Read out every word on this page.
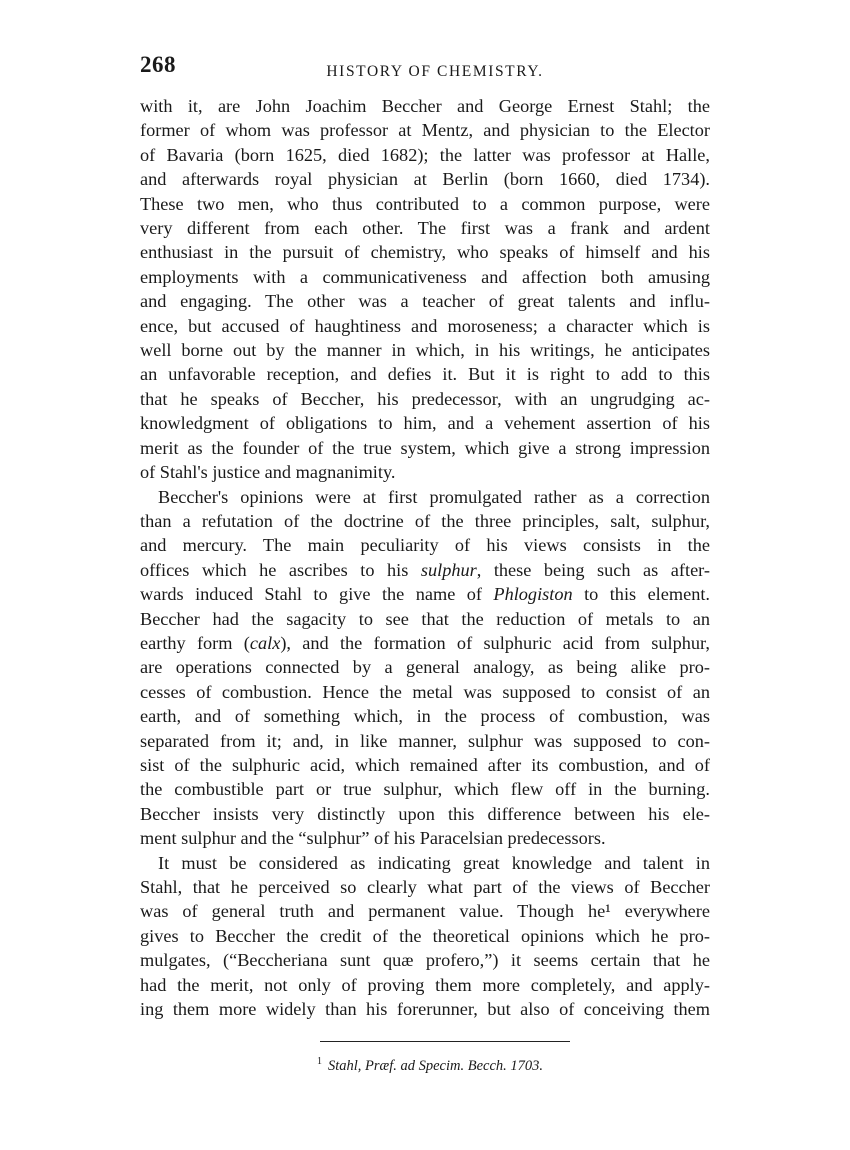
268	HISTORY OF CHEMISTRY.
with it, are John Joachim Beccher and George Ernest Stahl; the
former of whom was professor at Mentz, and physician to the Elector
of Bavaria (born 1625, died 1682); the latter was professor at Halle,
and afterwards royal physician at Berlin (born 1660, died 1734).
These two men, who thus contributed to a common purpose, were
very different from each other. The first was a frank and ardent
enthusiast in the pursuit of chemistry, who speaks of himself and his
employments with a communicativeness and affection both amusing
and engaging. The other was a teacher of great talents and influ-
ence, but accused of haughtiness and moroseness; a character which is
well borne out by the manner in which, in his writings, he anticipates
an unfavorable reception, and defies it. But it is right to add to this
that he speaks of Beccher, his predecessor, with an ungrudging ac-
knowledgment of obligations to him, and a vehement assertion of his
merit as the founder of the true system, which give a strong impression
of Stahl's justice and magnanimity.
Beccher's opinions were at first promulgated rather as a correction
than a refutation of the doctrine of the three principles, salt, sulphur,
and mercury. The main peculiarity of his views consists in the
offices which he ascribes to his sulphur, these being such as after-
wards induced Stahl to give the name of Phlogiston to this element.
Beccher had the sagacity to see that the reduction of metals to an
earthy form (calx), and the formation of sulphuric acid from sulphur,
are operations connected by a general analogy, as being alike pro-
cesses of combustion. Hence the metal was supposed to consist of an
earth, and of something which, in the process of combustion, was
separated from it; and, in like manner, sulphur was supposed to con-
sist of the sulphuric acid, which remained after its combustion, and of
the combustible part or true sulphur, which flew off in the burning.
Beccher insists very distinctly upon this difference between his ele-
ment sulphur and the “sulphur” of his Paracelsian predecessors.
It must be considered as indicating great knowledge and talent in
Stahl, that he perceived so clearly what part of the views of Beccher
was of general truth and permanent value. Though he¹ everywhere
gives to Beccher the credit of the theoretical opinions which he pro-
mulgates, (“Beccheriana sunt quæ profero,”) it seems certain that he
had the merit, not only of proving them more completely, and apply-
ing them more widely than his forerunner, but also of conceiving them
$^1$ Stahl, Præf. ad Specim. Becch. 1703.
